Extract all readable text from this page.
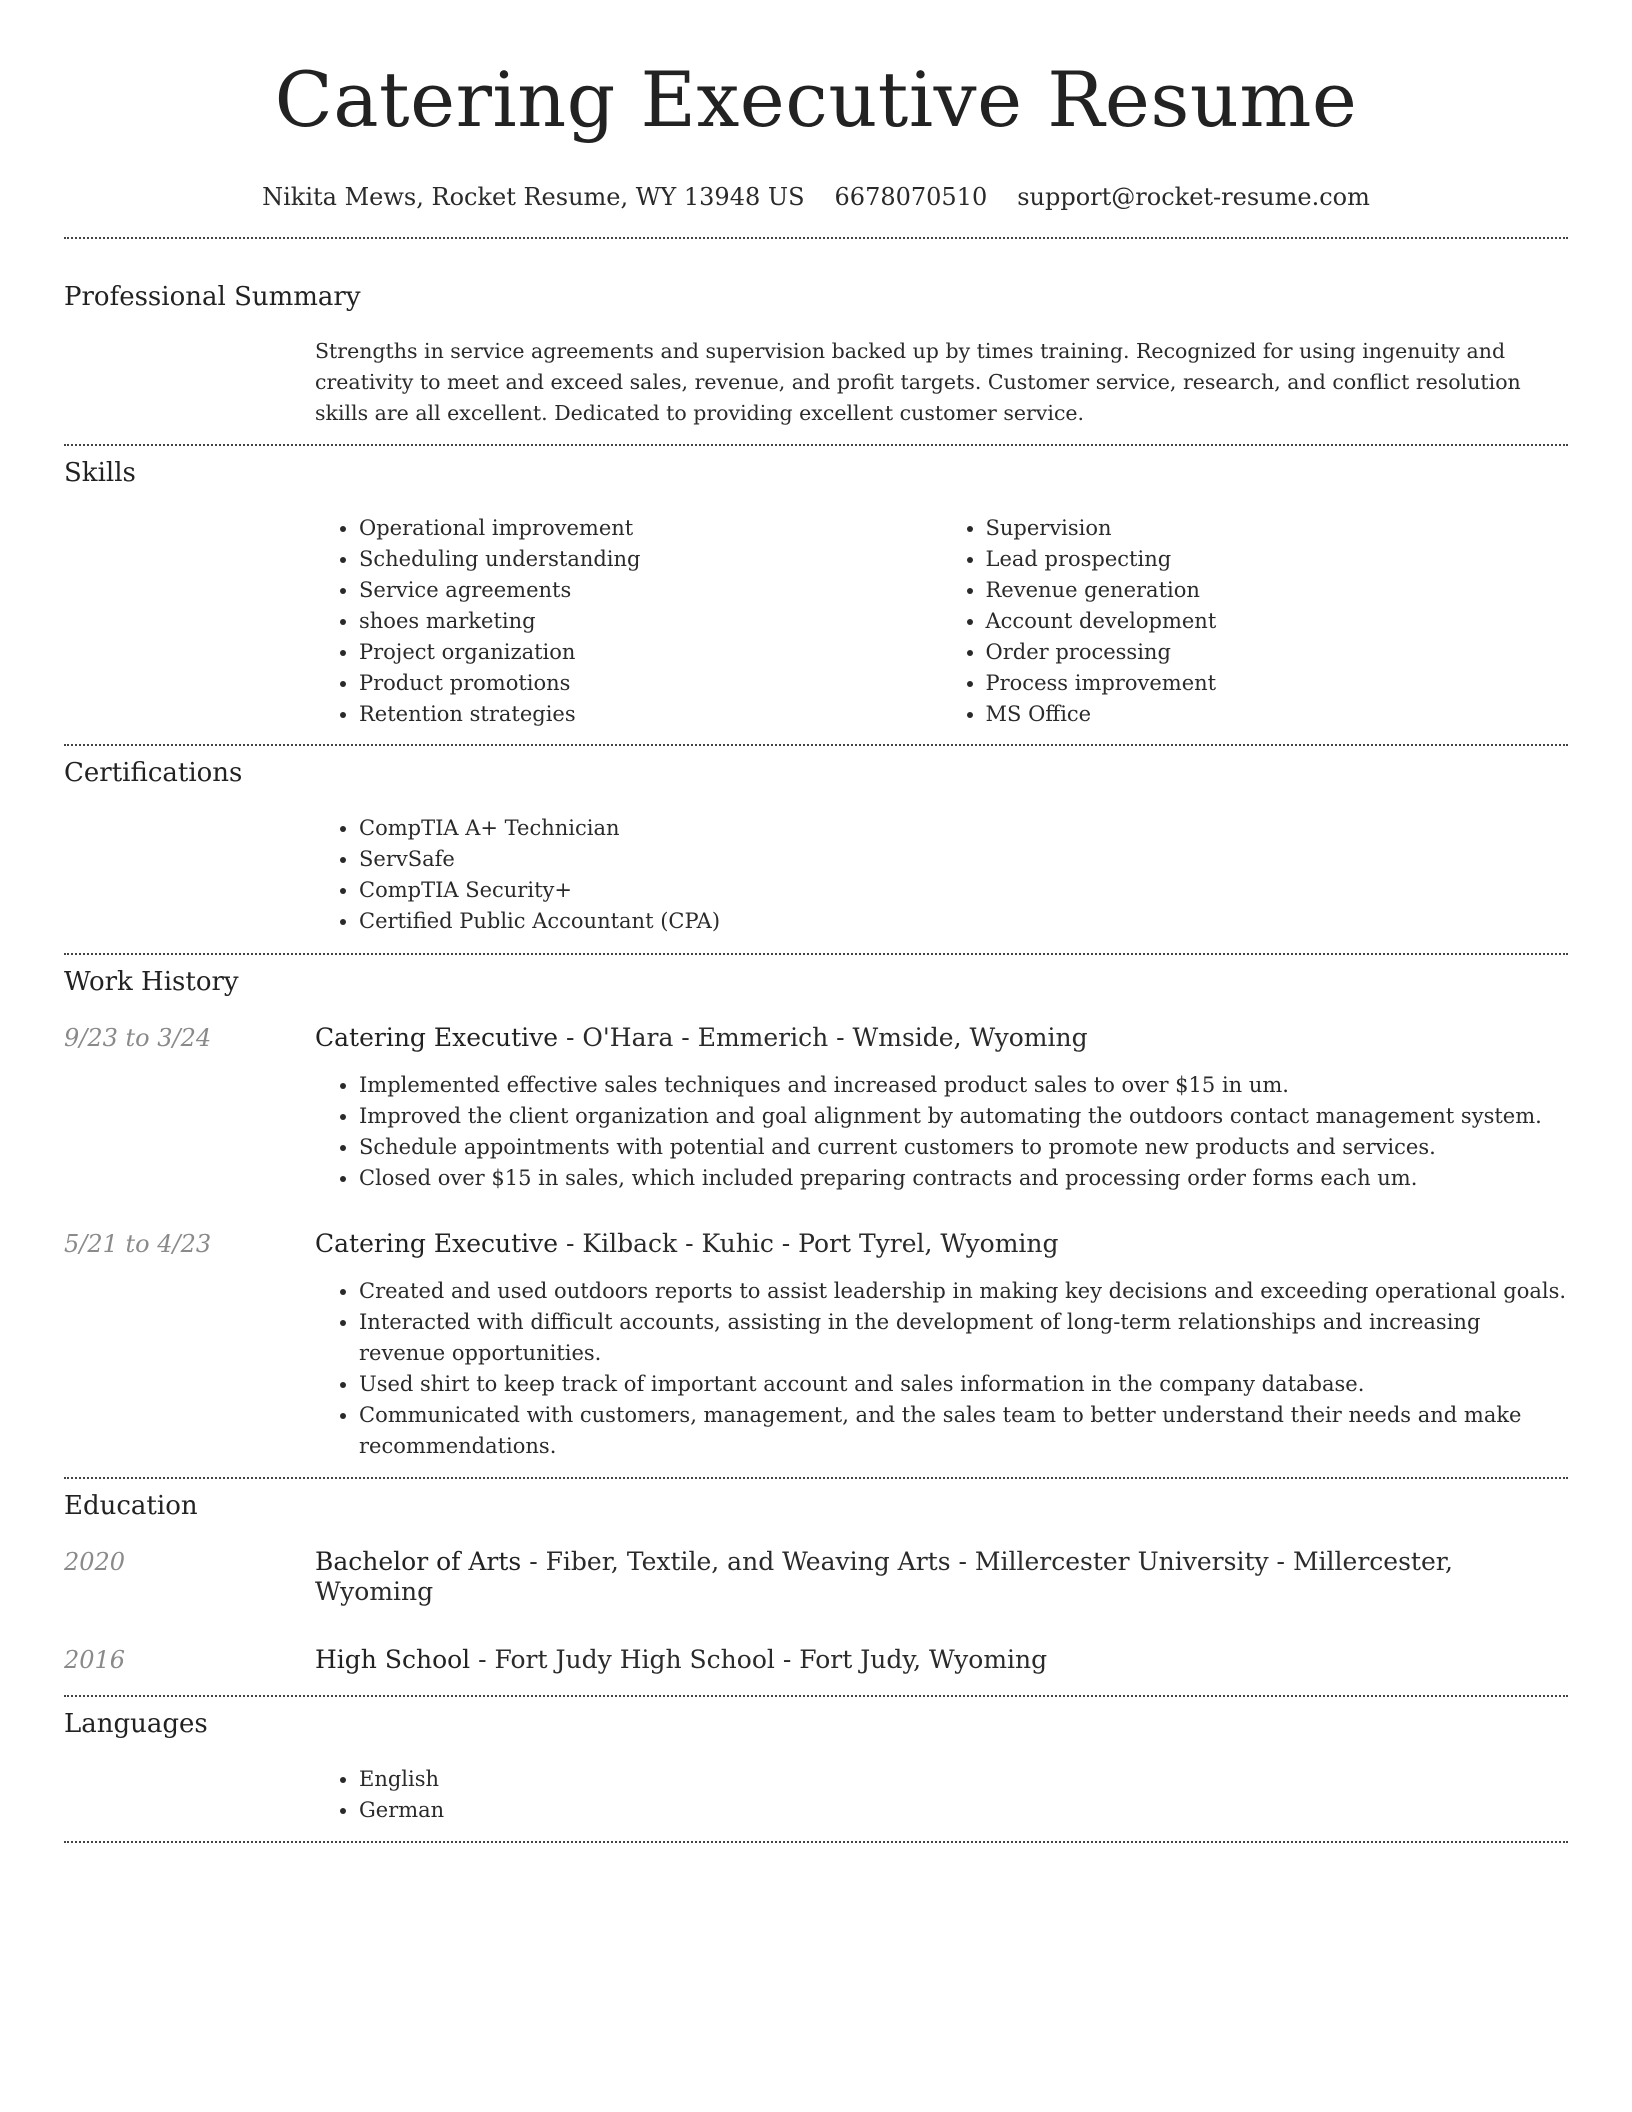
Catering Executive Resume
Nikita Mews, Rocket Resume, WY 13948 US 6678070510 support@rocket-resume.com
Professional Summary
Strengths in service agreements and supervision backed up by times training. Recognized for using ingenuity and creativity to meet and exceed sales, revenue, and profit targets. Customer service, research, and conflict resolution skills are all excellent. Dedicated to providing excellent customer service.
Skills
• Operational improvement
• Scheduling understanding
• Service agreements
• shoes marketing
• Project organization
• Product promotions
• Retention strategies
• Supervision
• Lead prospecting
• Revenue generation
• Account development
• Order processing
• Process improvement
• MS Office
Certifications
• CompTIA A+ Technician
• ServSafe
• CompTIA Security+
• Certified Public Accountant (CPA)
Work History
9/23 to 3/24	Catering Executive - O'Hara - Emmerich - Wmside, Wyoming
• Implemented effective sales techniques and increased product sales to over $15 in um.
• Improved the client organization and goal alignment by automating the outdoors contact management system.
• Schedule appointments with potential and current customers to promote new products and services.
• Closed over $15 in sales, which included preparing contracts and processing order forms each um.
5/21 to 4/23	Catering Executive - Kilback - Kuhic - Port Tyrel, Wyoming
• Created and used outdoors reports to assist leadership in making key decisions and exceeding operational goals.
• Interacted with difficult accounts, assisting in the development of long-term relationships and increasing revenue opportunities.
• Used shirt to keep track of important account and sales information in the company database.
• Communicated with customers, management, and the sales team to better understand their needs and make recommendations.
Education
2020	Bachelor of Arts - Fiber, Textile, and Weaving Arts - Millercester University - Millercester, Wyoming
2016	High School - Fort Judy High School - Fort Judy, Wyoming
Languages
• English
• German
